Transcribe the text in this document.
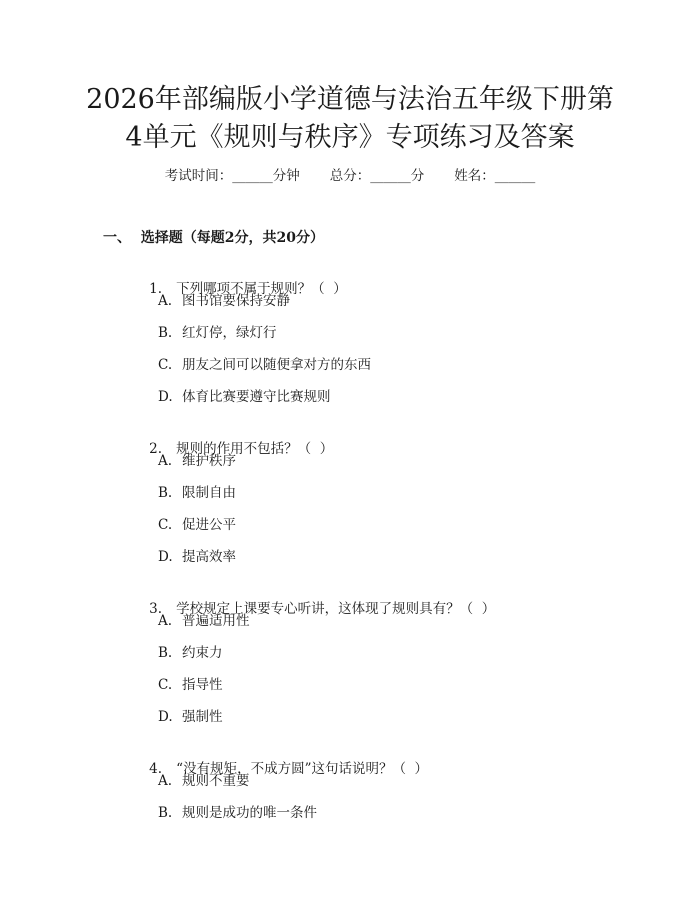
2026年部编版小学道德与法治五年级下册第
4单元《规则与秩序》专项练习及答案
考试时间：______分钟 总分：______分 姓名：______
一、  选择题（每题2分，共20分）

1. 下列哪项不属于规则？（  ）

A. 图书馆要保持安静
B. 红灯停，绿灯行
C. 朋友之间可以随便拿对方的东西
D. 体育比赛要遵守比赛规则

2. 规则的作用不包括？（  ）

A. 维护秩序
B. 限制自由
C. 促进公平
D. 提高效率

3. 学校规定上课要专心听讲，这体现了规则具有？（  ）

A. 普遍适用性
B. 约束力
C. 指导性
D. 强制性

4. “没有规矩，不成方圆”这句话说明？（  ）

A. 规则不重要
B. 规则是成功的唯一条件
